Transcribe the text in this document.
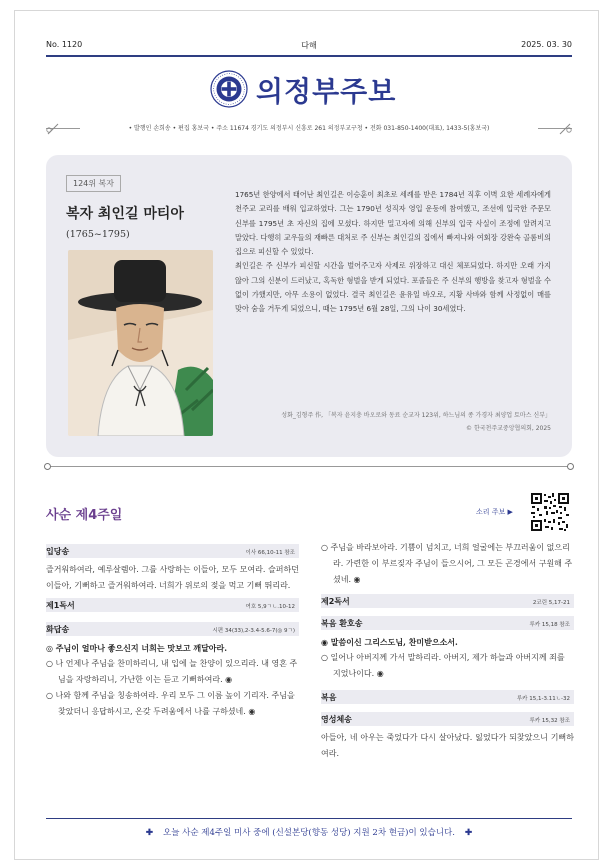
No. 1120	다해	2025. 03. 30
의정부주보
• 발행인 손희송 • 편집 홍보국 • 주소 11674 경기도 의정부시 신흥로 261 의정부교구청 • 전화 031-850-1400(대표), 1433-5(홍보국)
124위 복자
복자 최인길 마티아
(1765~1795)

1765년 한양에서 태어난 최인길은 이승훈이 최초로 세례를 받은 1784년 직후 이벽 요한 세례자에게 천주교 교리를 배워 입교하였다. 그는 1790년 성직자 영입 운동에 참여했고, 조선에 입국한 주문모 신부를 1795년 초 자신의 집에 모셨다. 하지만 밀고자에 의해 신부의 입국 사실이 조정에 알려지고 말았다. 다행히 교우들의 재빠른 대처로 주 신부는 최인길의 집에서 빠져나와 여회장 강완숙 골롬비의 집으로 피신할 수 있었다.

최인길은 주 신부가 피신할 시간을 벌어주고자 사제로 위장하고 대신 체포되었다. 하지만 오래 가지 않아 그의 신분이 드러났고, 혹독한 형벌을 받게 되었다. 포졸들은 주 신부의 행방을 찾고자 형벌을 수없이 가했지만, 아무 소용이 없었다. 결국 최인길은 윤유일 바오로, 지황 사바와 함께 사정없이 매를 맞아 숨을 거두게 되었으니, 때는 1795년 6월 28일, 그의 나이 30세였다.

성화_김형주 作, 「복자 윤지충 바오로와 동료 순교자 123위, 하느님의 종 가경자 최양업 토마스 신부」
© 한국천주교중앙협의회, 2025
사순 제4주일	소리 주보 ▶
입당송	이사 66,10-11 참조

즐거워하여라, 예루살렘아. 그를 사랑하는 이들아, 모두 모여라. 슬퍼하던 이들아, 기뻐하고 즐거워하여라. 너희가 위로의 젖을 먹고 기뻐 뛰리라.

제1독서	여호 5,9ㄱㄴ.10-12
화답송	시편 34(33),2-3.4-5.6-7(◎ 9ㄱ)

◎ 주님이 얼마나 좋으신지 너희는 맛보고 깨달아라.

○ 나 언제나 주님을 찬미하리니, 내 입에 늘 찬양이 있으리라. 내 영혼 주님을 자랑하리니, 가난한 이는 듣고 기뻐하여라. ◉

○ 나와 함께 주님을 칭송하여라. 우리 모두 그 이름 높이 기리자. 주님을 찾았더니 응답하시고, 온갖 두려움에서 나를 구하셨네. ◉

○ 주님을 바라보아라. 기쁨이 넘치고, 너희 얼굴에는 부끄러움이 없으리라. 가련한 이 부르짖자 주님이 들으시어, 그 모든 곤경에서 구원해 주셨네. ◉

제2독서	2코린 5,17-21
복음 환호송	루카 15,18 참조

◉ 말씀이신 그리스도님, 찬미받으소서.

○ 일어나 아버지께 가서 말하리라. 아버지, 제가 하늘과 아버지께 죄를 지었나이다. ◉

복음	루카 15,1-3.11ㄴ-32
영성체송	루카 15,32 참조

아들아, 네 아우는 죽었다가 다시 살아났다. 잃었다가 되찾았으니 기뻐하여라.

✚ 오늘 사순 제4주일 미사 중에 (신설본당(향동 성당) 지원 2차 현금)이 있습니다. ✚
